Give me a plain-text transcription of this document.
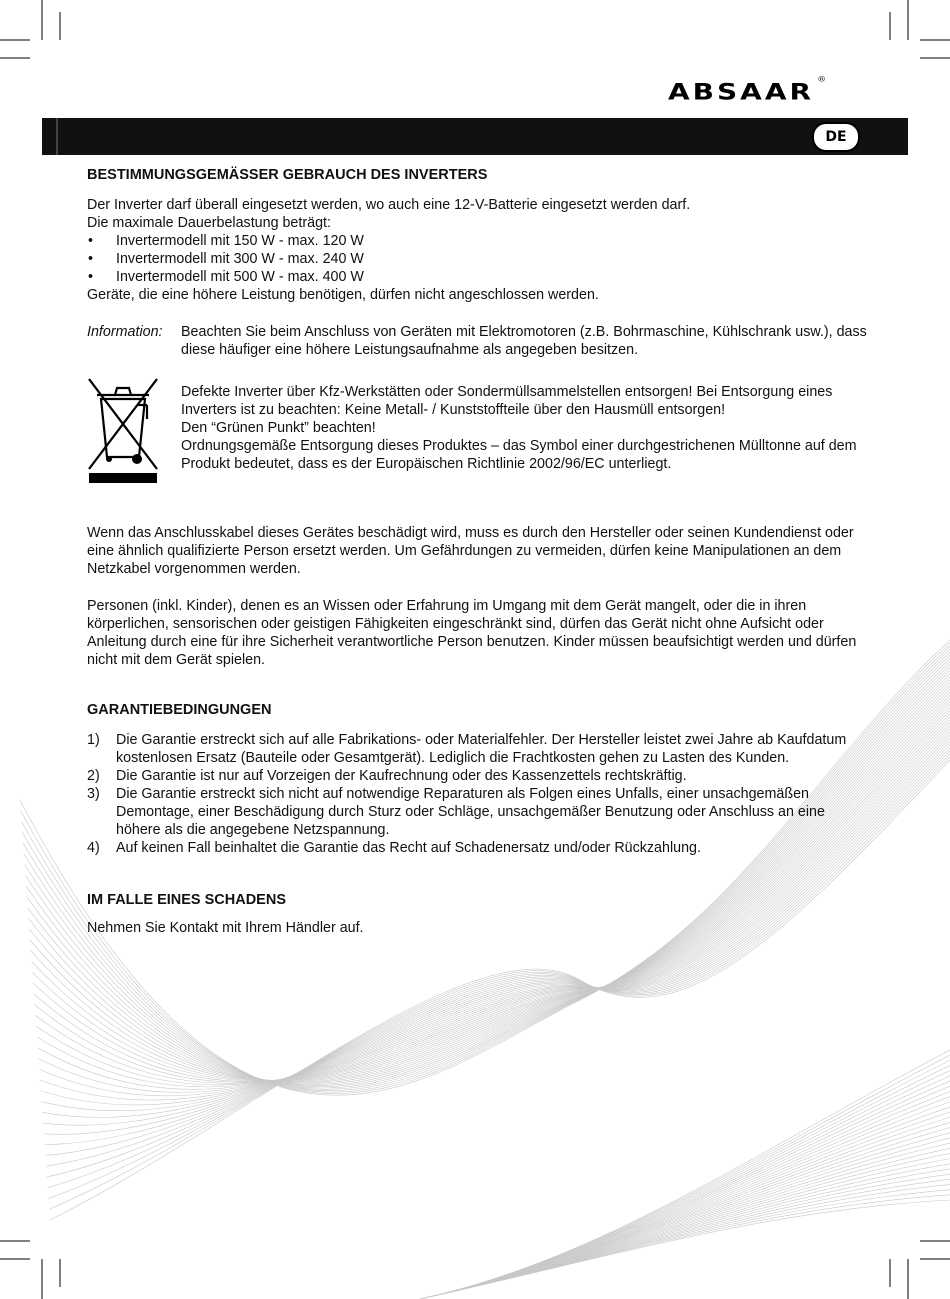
ABSAAR ®
DE
BESTIMMUNGSGEMÄSSER GEBRAUCH DES INVERTERS

Der Inverter darf überall eingesetzt werden, wo auch eine 12-V-Batterie eingesetzt werden darf.

Die maximale Dauerbelastung beträgt:

• Invertermodell mit 150 W - max. 120 W
• Invertermodell mit 300 W - max. 240 W
• Invertermodell mit 500 W - max. 400 W

Geräte, die eine höhere Leistung benötigen, dürfen nicht angeschlossen werden.

Information:	Beachten Sie beim Anschluss von Geräten mit Elektromotoren (z.B. Bohrmaschine, Kühlschrank usw.), dass diese häufiger eine höhere Leistungsaufnahme als angegeben besitzen.

Defekte Inverter über Kfz-Werkstätten oder Sondermüllsammelstellen entsorgen! Bei Entsorgung eines Inverters ist zu beachten: Keine Metall- / Kunststoffteile über den Hausmüll entsorgen!

Den “Grünen Punkt” beachten!

Ordnungsgemäße Entsorgung dieses Produktes – das Symbol einer durchgestrichenen Mülltonne auf dem Produkt bedeutet, dass es der Europäischen Richtlinie 2002/96/EC unterliegt.

Wenn das Anschlusskabel dieses Gerätes beschädigt wird, muss es durch den Hersteller oder seinen Kundendienst oder eine ähnlich qualifizierte Person ersetzt werden. Um Gefährdungen zu vermeiden, dürfen keine Manipulationen an dem Netzkabel vorgenommen werden.

Personen (inkl. Kinder), denen es an Wissen oder Erfahrung im Umgang mit dem Gerät mangelt, oder die in ihren körperlichen, sensorischen oder geistigen Fähigkeiten eingeschränkt sind, dürfen das Gerät nicht ohne Aufsicht oder Anleitung durch eine für ihre Sicherheit verantwortliche Person benutzen. Kinder müssen beaufsichtigt werden und dürfen nicht mit dem Gerät spielen.

GARANTIEBEDINGUNGEN
1) Die Garantie erstreckt sich auf alle Fabrikations- oder Materialfehler. Der Hersteller leistet zwei Jahre ab Kaufdatum kostenlosen Ersatz (Bauteile oder Gesamtgerät). Lediglich die Frachtkosten gehen zu Lasten des Kunden.
2) Die Garantie ist nur auf Vorzeigen der Kaufrechnung oder des Kassenzettels rechtskräftig.
3) Die Garantie erstreckt sich nicht auf notwendige Reparaturen als Folgen eines Unfalls, einer unsachgemäßen Demontage, einer Beschädigung durch Sturz oder Schläge, unsachgemäßer Benutzung oder Anschluss an eine höhere als die angegebene Netzspannung.
4) Auf keinen Fall beinhaltet die Garantie das Recht auf Schadenersatz und/oder Rückzahlung.
IM FALLE EINES SCHADENS

Nehmen Sie Kontakt mit Ihrem Händler auf.
